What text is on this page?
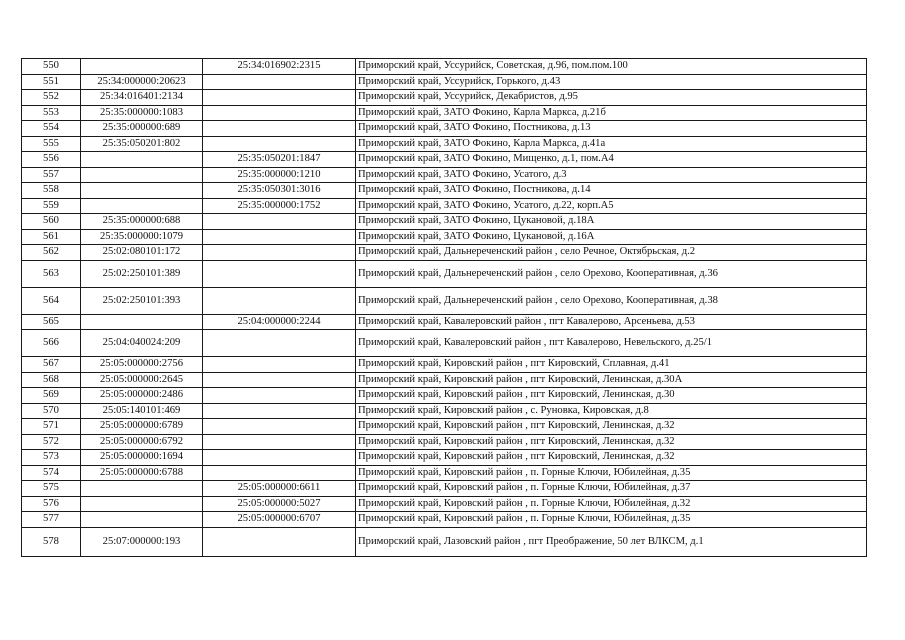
550		25:34:016902:2315	Приморский край, Уссурийск, Советская, д.96, пом.пом.100
551	25:34:000000:20623		Приморский край, Уссурийск, Горького, д.43
552	25:34:016401:2134		Приморский край, Уссурийск, Декабристов, д.95
553	25:35:000000:1083		Приморский край, ЗАТО Фокино, Карла Маркса, д.21б
554	25:35:000000:689		Приморский край, ЗАТО Фокино, Постникова, д.13
555	25:35:050201:802		Приморский край, ЗАТО Фокино, Карла Маркса, д.41а
556		25:35:050201:1847	Приморский край, ЗАТО Фокино, Мищенко, д.1, пом.А4
557		25:35:000000:1210	Приморский край, ЗАТО Фокино, Усатого, д.3
558		25:35:050301:3016	Приморский край, ЗАТО Фокино, Постникова, д.14
559		25:35:000000:1752	Приморский край, ЗАТО Фокино, Усатого, д.22, корп.А5
560	25:35:000000:688		Приморский край, ЗАТО Фокино, Цукановой, д.18А
561	25:35:000000:1079		Приморский край, ЗАТО Фокино, Цукановой, д.16А
562	25:02:080101:172		Приморский край, Дальнереченский район , село Речное, Октябрьская, д.2
563	25:02:250101:389		Приморский край, Дальнереченский район , село Орехово, Кооперативная, д.36
564	25:02:250101:393		Приморский край, Дальнереченский район , село Орехово, Кооперативная, д.38
565		25:04:000000:2244	Приморский край, Кавалеровский район , пгт Кавалерово, Арсеньева, д.53
566	25:04:040024:209		Приморский край, Кавалеровский район , пгт Кавалерово, Невельского, д.25/1
567	25:05:000000:2756		Приморский край, Кировский район , пгт Кировский, Сплавная, д.41
568	25:05:000000:2645		Приморский край, Кировский район , пгт Кировский, Ленинская, д.30А
569	25:05:000000:2486		Приморский край, Кировский район , пгт Кировский, Ленинская, д.30
570	25:05:140101:469		Приморский край, Кировский район , с. Руновка, Кировская, д.8
571	25:05:000000:6789		Приморский край, Кировский район , пгт Кировский, Ленинская, д.32
572	25:05:000000:6792		Приморский край, Кировский район , пгт Кировский, Ленинская, д.32
573	25:05:000000:1694		Приморский край, Кировский район , пгт Кировский, Ленинская, д.32
574	25:05:000000:6788		Приморский край, Кировский район , п. Горные Ключи, Юбилейная, д.35
575		25:05:000000:6611	Приморский край, Кировский район , п. Горные Ключи, Юбилейная, д.37
576		25:05:000000:5027	Приморский край, Кировский район , п. Горные Ключи, Юбилейная, д.32
577		25:05:000000:6707	Приморский край, Кировский район , п. Горные Ключи, Юбилейная, д.35
578	25:07:000000:193		Приморский край, Лазовский район , пгт Преображение, 50 лет ВЛКСМ, д.1
